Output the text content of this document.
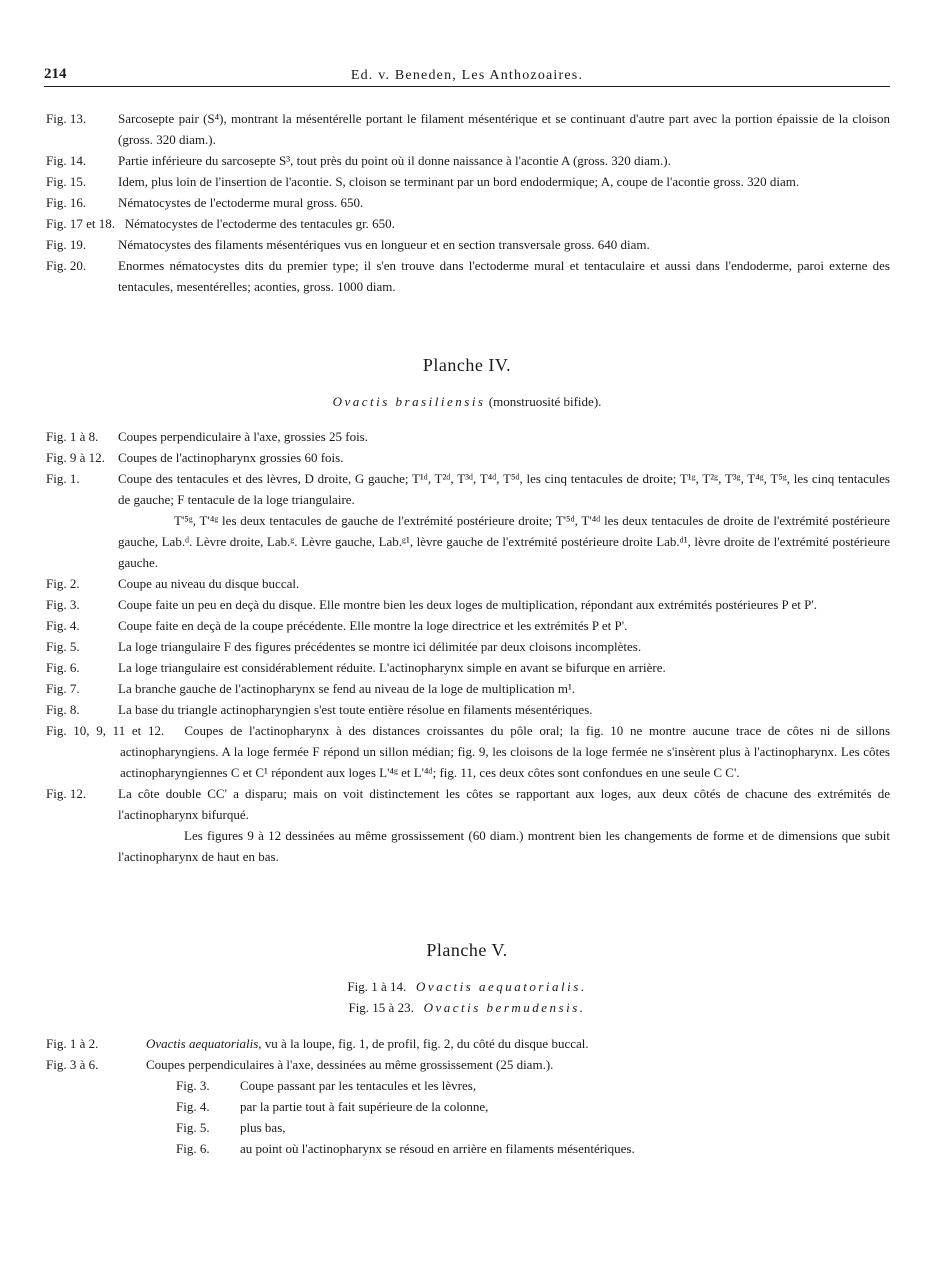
214	Ed. v. Beneden, Les Anthozoaires.
Fig. 13. Sarcosepte pair (S⁴), montrant la mésentérelle portant le filament mésentérique et se continuant d'autre part avec la portion épaissie de la cloison (gross. 320 diam.).
Fig. 14. Partie inférieure du sarcosepte S³, tout près du point où il donne naissance à l'acontie A (gross. 320 diam.).
Fig. 15. Idem, plus loin de l'insertion de l'acontie. S, cloison se terminant par un bord endodermique; A, coupe de l'acontie gross. 320 diam.
Fig. 16. Nématocystes de l'ectoderme mural gross. 650.
Fig. 17 et 18. Nématocystes de l'ectoderme des tentacules gr. 650.
Fig. 19. Nématocystes des filaments mésentériques vus en longueur et en section transversale gross. 640 diam.
Fig. 20. Enormes nématocystes dits du premier type; il s'en trouve dans l'ectoderme mural et tentaculaire et aussi dans l'endoderme, paroi externe des tentacules, mesentérelles; aconties, gross. 1000 diam.
Planche IV.
Ovactis brasiliensis (monstruosité bifide).
Fig. 1 à 8. Coupes perpendiculaire à l'axe, grossies 25 fois.
Fig. 9 à 12. Coupes de l'actinopharynx grossies 60 fois.
Fig. 1.	Coupe des tentacules et des lèvres, D droite, G gauche; T¹ᵈ, T²ᵈ, T³ᵈ, T⁴ᵈ, T⁵ᵈ, les cinq tentacules de droite; T¹ᵍ, T²ᵍ, T³ᵍ, T⁴ᵍ, T⁵ᵍ, les cinq tentacules de gauche; F tentacule de la loge triangulaire.
T'⁵ᵍ, T'⁴ᵍ les deux tentacules de gauche de l'extrémité postérieure droite; T'⁵ᵈ, T'⁴ᵈ les deux tentacules de droite de l'extrémité postérieure gauche, Lab.ᵈ. Lèvre droite, Lab.ᵍ. Lèvre gauche, Lab.ᵍ¹, lèvre gauche de l'extrémité postérieure droite Lab.ᵈ¹, lèvre droite de l'extrémité postérieure gauche.
Fig. 2.	Coupe au niveau du disque buccal.
Fig. 3.	Coupe faite un peu en deçà du disque. Elle montre bien les deux loges de multiplication, répondant aux extrémités postérieures P et P'.
Fig. 4.	Coupe faite en deçà de la coupe précédente. Elle montre la loge directrice et les extrémités P et P'.
Fig. 5.	La loge triangulaire F des figures précédentes se montre ici délimitée par deux cloisons incomplètes.
Fig. 6.	La loge triangulaire est considérablement réduite. L'actinopharynx simple en avant se bifurque en arrière.
Fig. 7.	La branche gauche de l'actinopharynx se fend au niveau de la loge de multiplication m¹.
Fig. 8.	La base du triangle actinopharyngien s'est toute entière résolue en filaments mésentériques.
Fig. 10, 9, 11 et 12. Coupes de l'actinopharynx à des distances croissantes du pôle oral; la fig. 10 ne montre aucune trace de côtes ni de sillons actinopharyngiens. A la loge fermée F répond un sillon médian; fig. 9, les cloisons de la loge fermée ne s'insèrent plus à l'actinopharynx. Les côtes actinopharyngiennes C et C¹ répondent aux loges L'⁴ᵍ et L'⁴ᵈ; fig. 11, ces deux côtes sont confondues en une seule C C'.
Fig. 12. La côte double CC' a disparu; mais on voit distinctement les côtes se rapportant aux loges, aux deux côtés de chacune des extrémités de l'actinopharynx bifurqué.
Les figures 9 à 12 dessinées au même grossissement (60 diam.) montrent bien les changements de forme et de dimensions que subit l'actinopharynx de haut en bas.
Planche V.
Fig. 1 à 14. Ovactis aequatorialis.
Fig. 15 à 23. Ovactis bermudensis.
Fig. 1 à 2.	Ovactis aequatorialis, vu à la loupe, fig. 1, de profil, fig. 2, du côté du disque buccal.
Fig. 3 à 6.	Coupes perpendiculaires à l'axe, dessinées au même grossissement (25 diam.).
Fig. 3. Coupe passant par les tentacules et les lèvres,
Fig. 4. par la partie tout à fait supérieure de la colonne,
Fig. 5. plus bas,
Fig. 6. au point où l'actinopharynx se résoud en arrière en filaments mésentériques.
